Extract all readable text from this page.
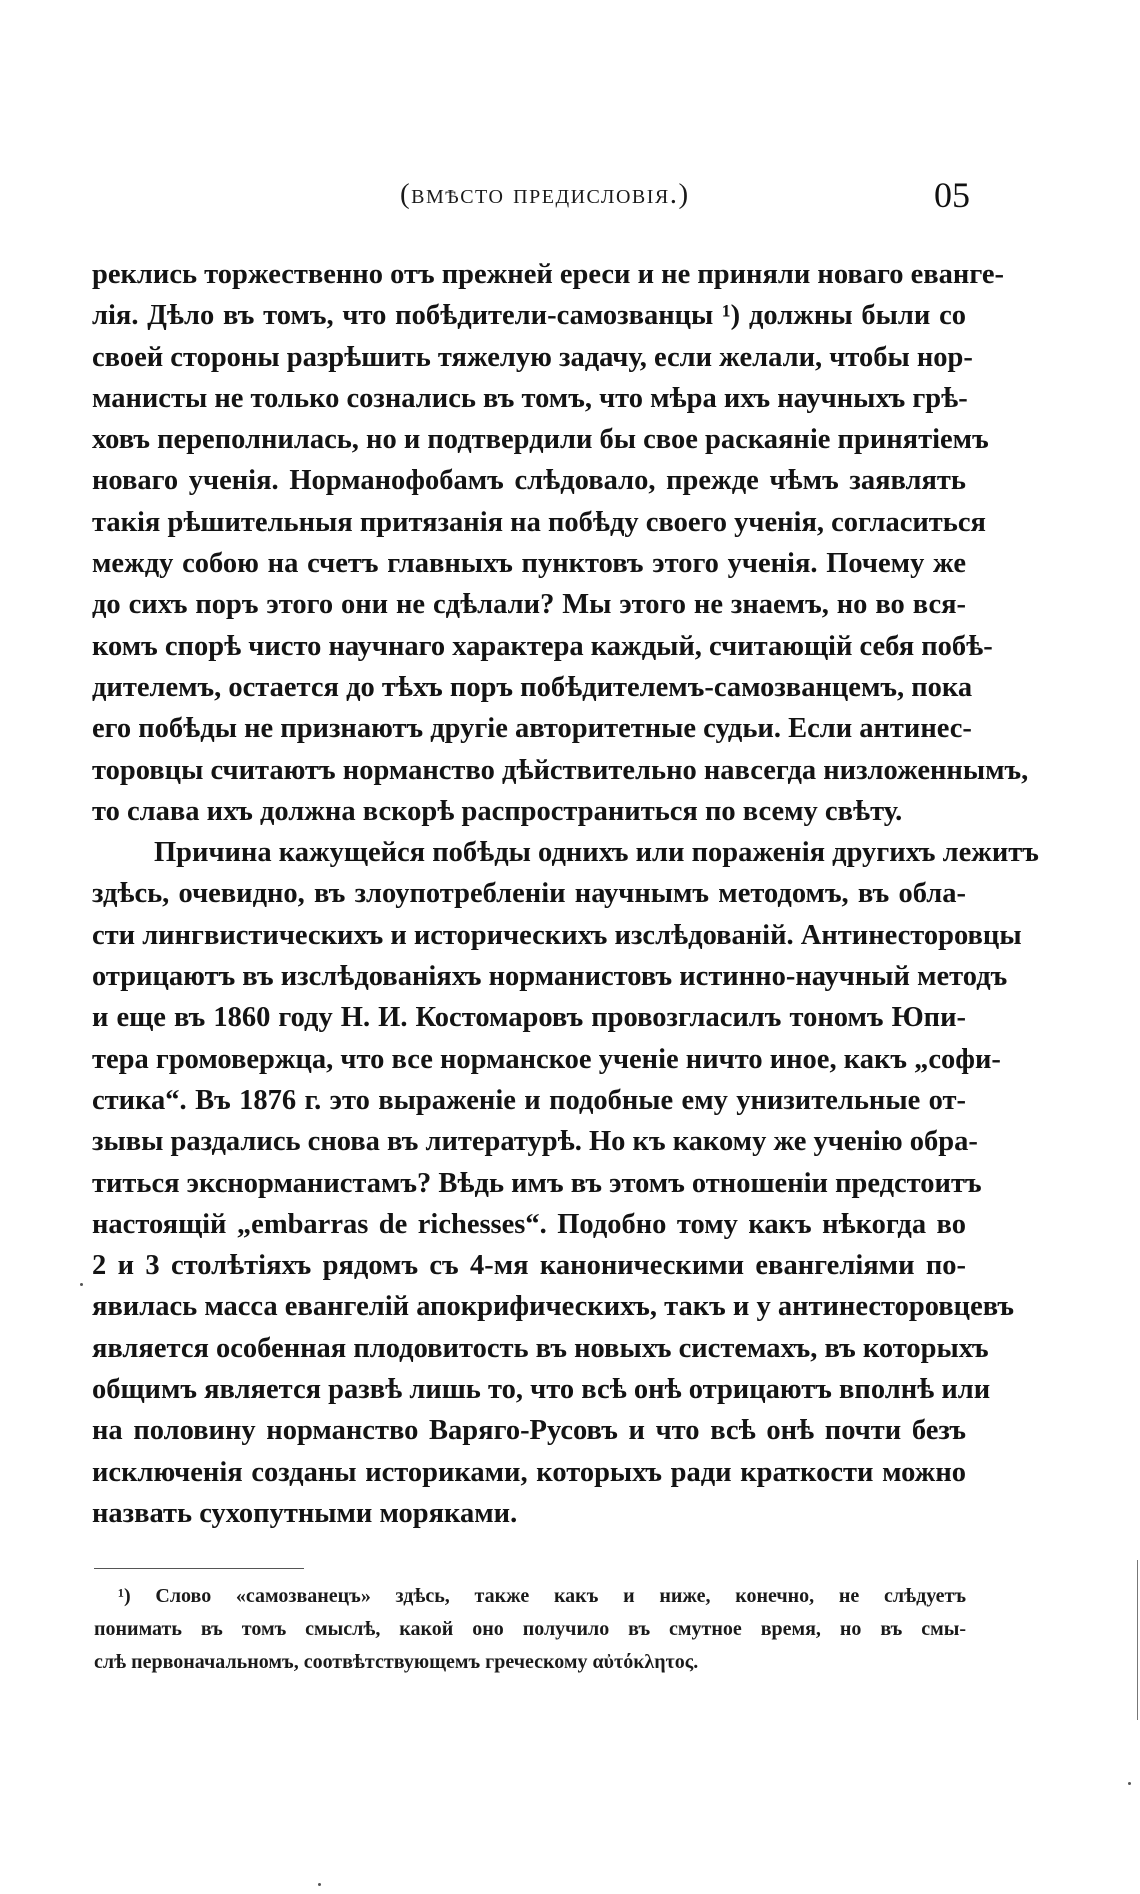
(вмѣсто предисловія.)	05
реклись торжественно отъ прежней ереси и не приняли новаго еванге-
лія. Дѣло въ томъ, что побѣдители-самозванцы ¹) должны были со
своей стороны разрѣшить тяжелую задачу, если желали, чтобы нор-
манисты не только сознались въ томъ, что мѣра ихъ научныхъ грѣ-
ховъ переполнилась, но и подтвердили бы свое раскаяніе принятіемъ
новаго ученія. Норманофобамъ слѣдовало, прежде чѣмъ заявлять
такія рѣшительныя притязанія на побѣду своего ученія, согласиться
между собою на счетъ главныхъ пунктовъ этого ученія. Почему же
до сихъ поръ этого они не сдѣлали? Мы этого не знаемъ, но во вся-
комъ спорѣ чисто научнаго характера каждый, считающій себя побѣ-
дителемъ, остается до тѣхъ поръ побѣдителемъ-самозванцемъ, пока
его побѣды не признаютъ другіе авторитетные судьи. Если антинес-
торовцы считаютъ норманство дѣйствительно навсегда низложеннымъ,
то слава ихъ должна вскорѣ распространиться по всему свѣту.
Причина кажущейся побѣды однихъ или пораженія другихъ лежитъ
здѣсь, очевидно, въ злоупотребленіи научнымъ методомъ, въ обла-
сти лингвистическихъ и историческихъ изслѣдованій. Антинесторовцы
отрицаютъ въ изслѣдованіяхъ норманистовъ истинно-научный методъ
и еще въ 1860 году Н. И. Костомаровъ провозгласилъ тономъ Юпи-
тера громовержца, что все норманское ученіе ничто иное, какъ „софи-
стика“. Въ 1876 г. это выраженіе и подобные ему унизительные от-
зывы раздались снова въ литературѣ. Но къ какому же ученію обра-
титься экснорманистамъ? Вѣдь имъ въ этомъ отношеніи предстоитъ
настоящій „embarras de richesses“. Подобно тому какъ нѣкогда во
2 и 3 столѣтіяхъ рядомъ съ 4-мя каноническими евангеліями по-
явилась масса евангелій апокрифическихъ, такъ и у антинесторовцевъ
является особенная плодовитость въ новыхъ системахъ, въ которыхъ
общимъ является развѣ лишь то, что всѣ онѣ отрицаютъ вполнѣ или
на половину норманство Варяго-Русовъ и что всѣ онѣ почти безъ
исключенія созданы историками, которыхъ ради краткости можно
назвать сухопутными моряками.
¹) Слово «самозванецъ» здѣсь, также какъ и ниже, конечно, не слѣдуетъ
понимать въ томъ смыслѣ, какой оно получило въ смутное время, но въ смы-
слѣ первоначальномъ, соотвѣтствующемъ греческому αὐτόκλητος.
